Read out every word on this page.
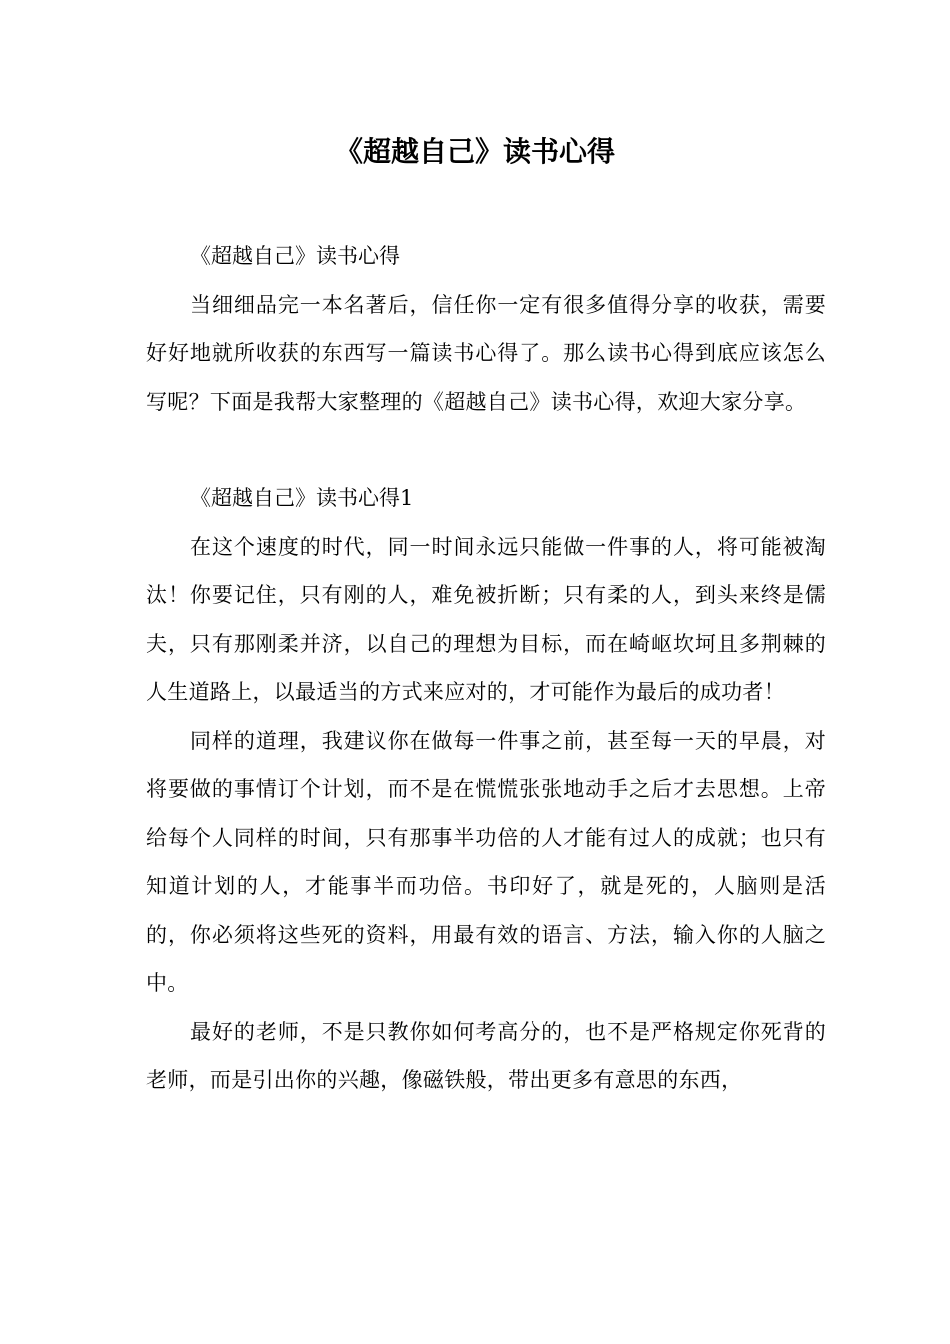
《超越自己》读书心得

《超越自己》读书心得

当细细品完一本名著后，信任你一定有很多值得分享的收获，需要好好地就所收获的东西写一篇读书心得了。那么读书心得到底应该怎么写呢？下面是我帮大家整理的《超越自己》读书心得，欢迎大家分享。

《超越自己》读书心得1

在这个速度的时代，同一时间永远只能做一件事的人，将可能被淘汰！你要记住，只有刚的人，难免被折断；只有柔的人，到头来终是儒夫，只有那刚柔并济，以自己的理想为目标，而在崎岖坎坷且多荆棘的人生道路上，以最适当的方式来应对的，才可能作为最后的成功者！

同样的道理，我建议你在做每一件事之前，甚至每一天的早晨，对将要做的事情订个计划，而不是在慌慌张张地动手之后才去思想。上帝给每个人同样的时间，只有那事半功倍的人才能有过人的成就；也只有知道计划的人，才能事半而功倍。书印好了，就是死的，人脑则是活的，你必须将这些死的资料，用最有效的语言、方法，输入你的人脑之中。

最好的老师，不是只教你如何考高分的，也不是严格规定你死背的老师，而是引出你的兴趣，像磁铁般，带出更多有意思的东西，
